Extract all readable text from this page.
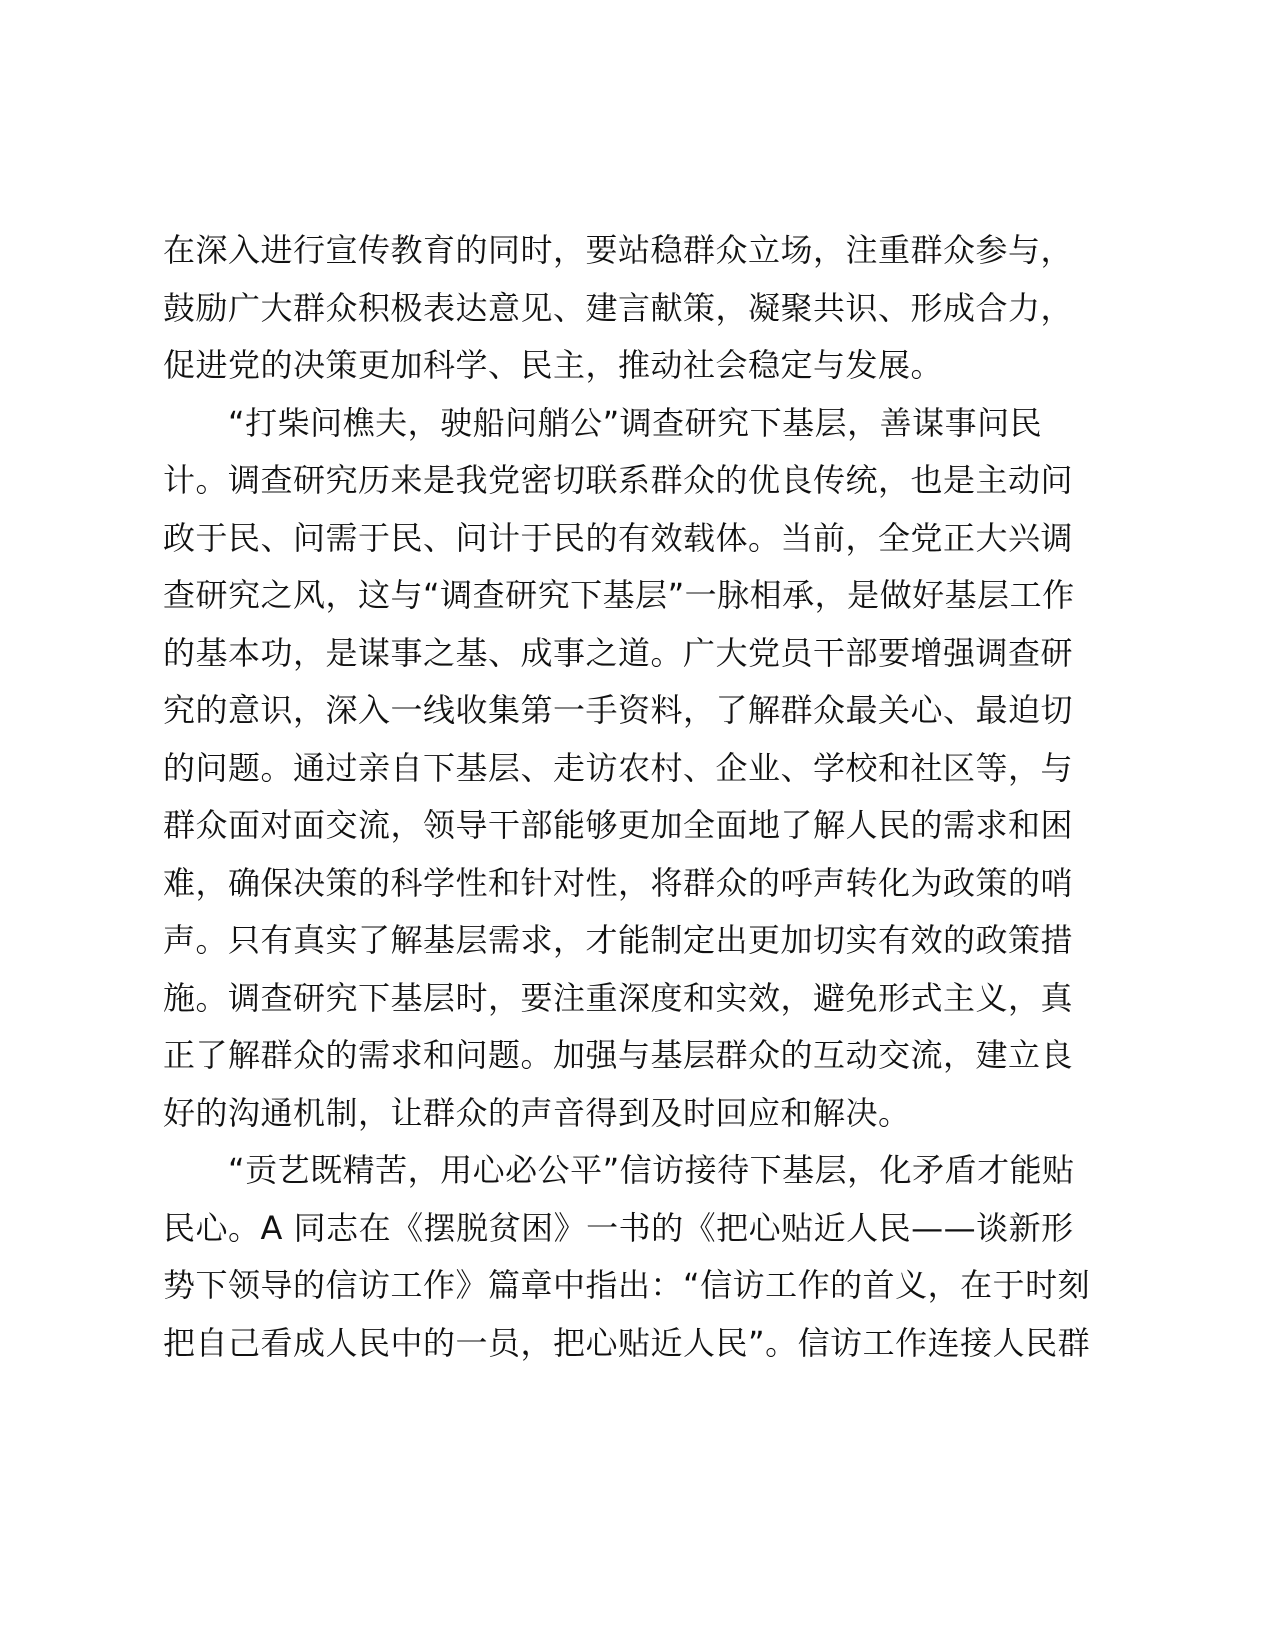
在深入进行宣传教育的同时，要站稳群众立场，注重群众参与，
鼓励广大群众积极表达意见、建言献策，凝聚共识、形成合力，
促进党的决策更加科学、民主，推动社会稳定与发展。
　　“打柴问樵夫，驶船问艄公”调查研究下基层，善谋事问民
计。调查研究历来是我党密切联系群众的优良传统，也是主动问
政于民、问需于民、问计于民的有效载体。当前，全党正大兴调
查研究之风，这与“调查研究下基层”一脉相承，是做好基层工作
的基本功，是谋事之基、成事之道。广大党员干部要增强调查研
究的意识，深入一线收集第一手资料，了解群众最关心、最迫切
的问题。通过亲自下基层、走访农村、企业、学校和社区等，与
群众面对面交流，领导干部能够更加全面地了解人民的需求和困
难，确保决策的科学性和针对性，将群众的呼声转化为政策的哨
声。只有真实了解基层需求，才能制定出更加切实有效的政策措
施。调查研究下基层时，要注重深度和实效，避免形式主义，真
正了解群众的需求和问题。加强与基层群众的互动交流，建立良
好的沟通机制，让群众的声音得到及时回应和解决。
　　“贡艺既精苦，用心必公平”信访接待下基层，化矛盾才能贴
民心。A 同志在《摆脱贫困》一书的《把心贴近人民——谈新形
势下领导的信访工作》篇章中指出：“信访工作的首义，在于时刻
把自己看成人民中的一员，把心贴近人民”。信访工作连接人民群
